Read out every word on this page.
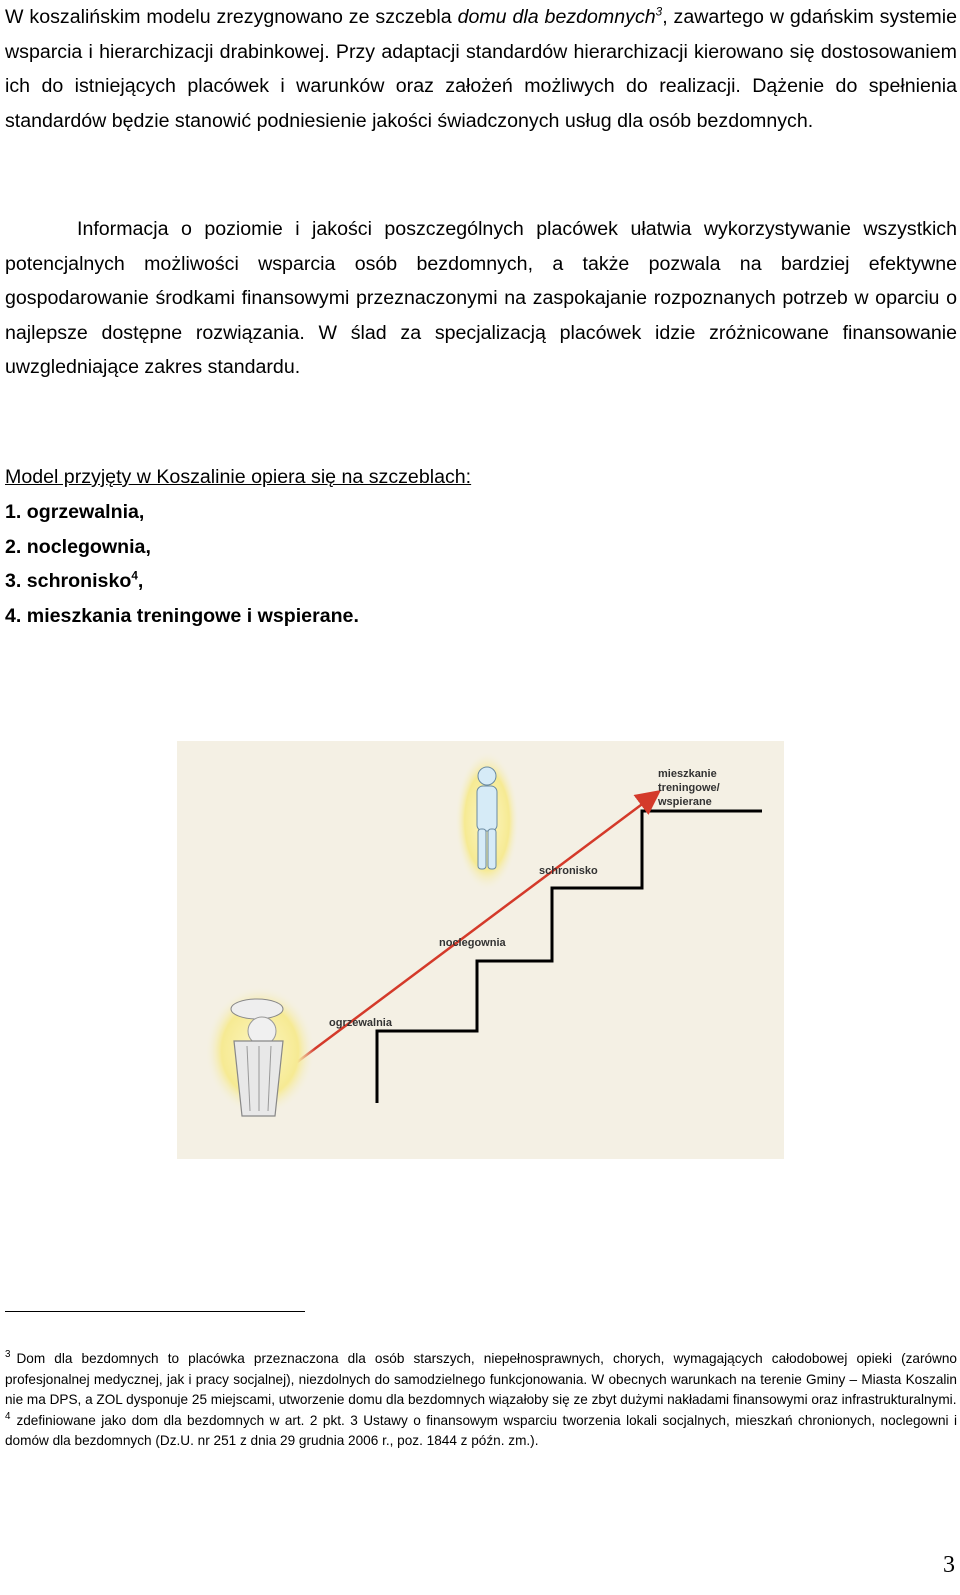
W koszalińskim modelu zrezygnowano ze szczebla domu dla bezdomnych$^3$, zawartego w gdańskim systemie wsparcia i hierarchizacji drabinkowej. Przy adaptacji standardów hierarchizacji kierowano się dostosowaniem ich do istniejących placówek i warunków oraz założeń możliwych do realizacji. Dążenie do spełnienia standardów będzie stanowić podniesienie jakości świadczonych usług dla osób bezdomnych.

Informacja o poziomie i jakości poszczególnych placówek ułatwia wykorzystywanie wszystkich potencjalnych możliwości wsparcia osób bezdomnych, a także pozwala na bardziej efektywne gospodarowanie środkami finansowymi przeznaczonymi na zaspokajanie rozpoznanych potrzeb w oparciu o najlepsze dostępne rozwiązania. W ślad za specjalizacją placówek idzie zróżnicowane finansowanie uwzgledniające zakres standardu.

Model przyjęty w Koszalinie opiera się na szczeblach:

1. ogrzewalnia,
2. noclegownia,
3. schronisko$^4$,
4. mieszkania treningowe i wspierane.
ogrzewalnia
noclegownia
schronisko
mieszkanie
treningowe/
wspierane

$^3$ Dom dla bezdomnych to placówka przeznaczona dla osób starszych, niepełnosprawnych, chorych, wymagających całodobowej opieki (zarówno profesjonalnej medycznej, jak i pracy socjalnej), niezdolnych do samodzielnego funkcjonowania. W obecnych warunkach na terenie Gminy – Miasta Koszalin nie ma DPS, a ZOL dysponuje 25 miejscami, utworzenie domu dla bezdomnych wiązałoby się ze zbyt dużymi nakładami finansowymi oraz infrastrukturalnymi.

$^4$ zdefiniowane jako dom dla bezdomnych w art. 2 pkt. 3 Ustawy o finansowym wsparciu tworzenia lokali socjalnych, mieszkań chronionych, noclegowni i domów dla bezdomnych (Dz.U. nr 251 z dnia 29 grudnia 2006 r., poz. 1844 z późn. zm.).

3
